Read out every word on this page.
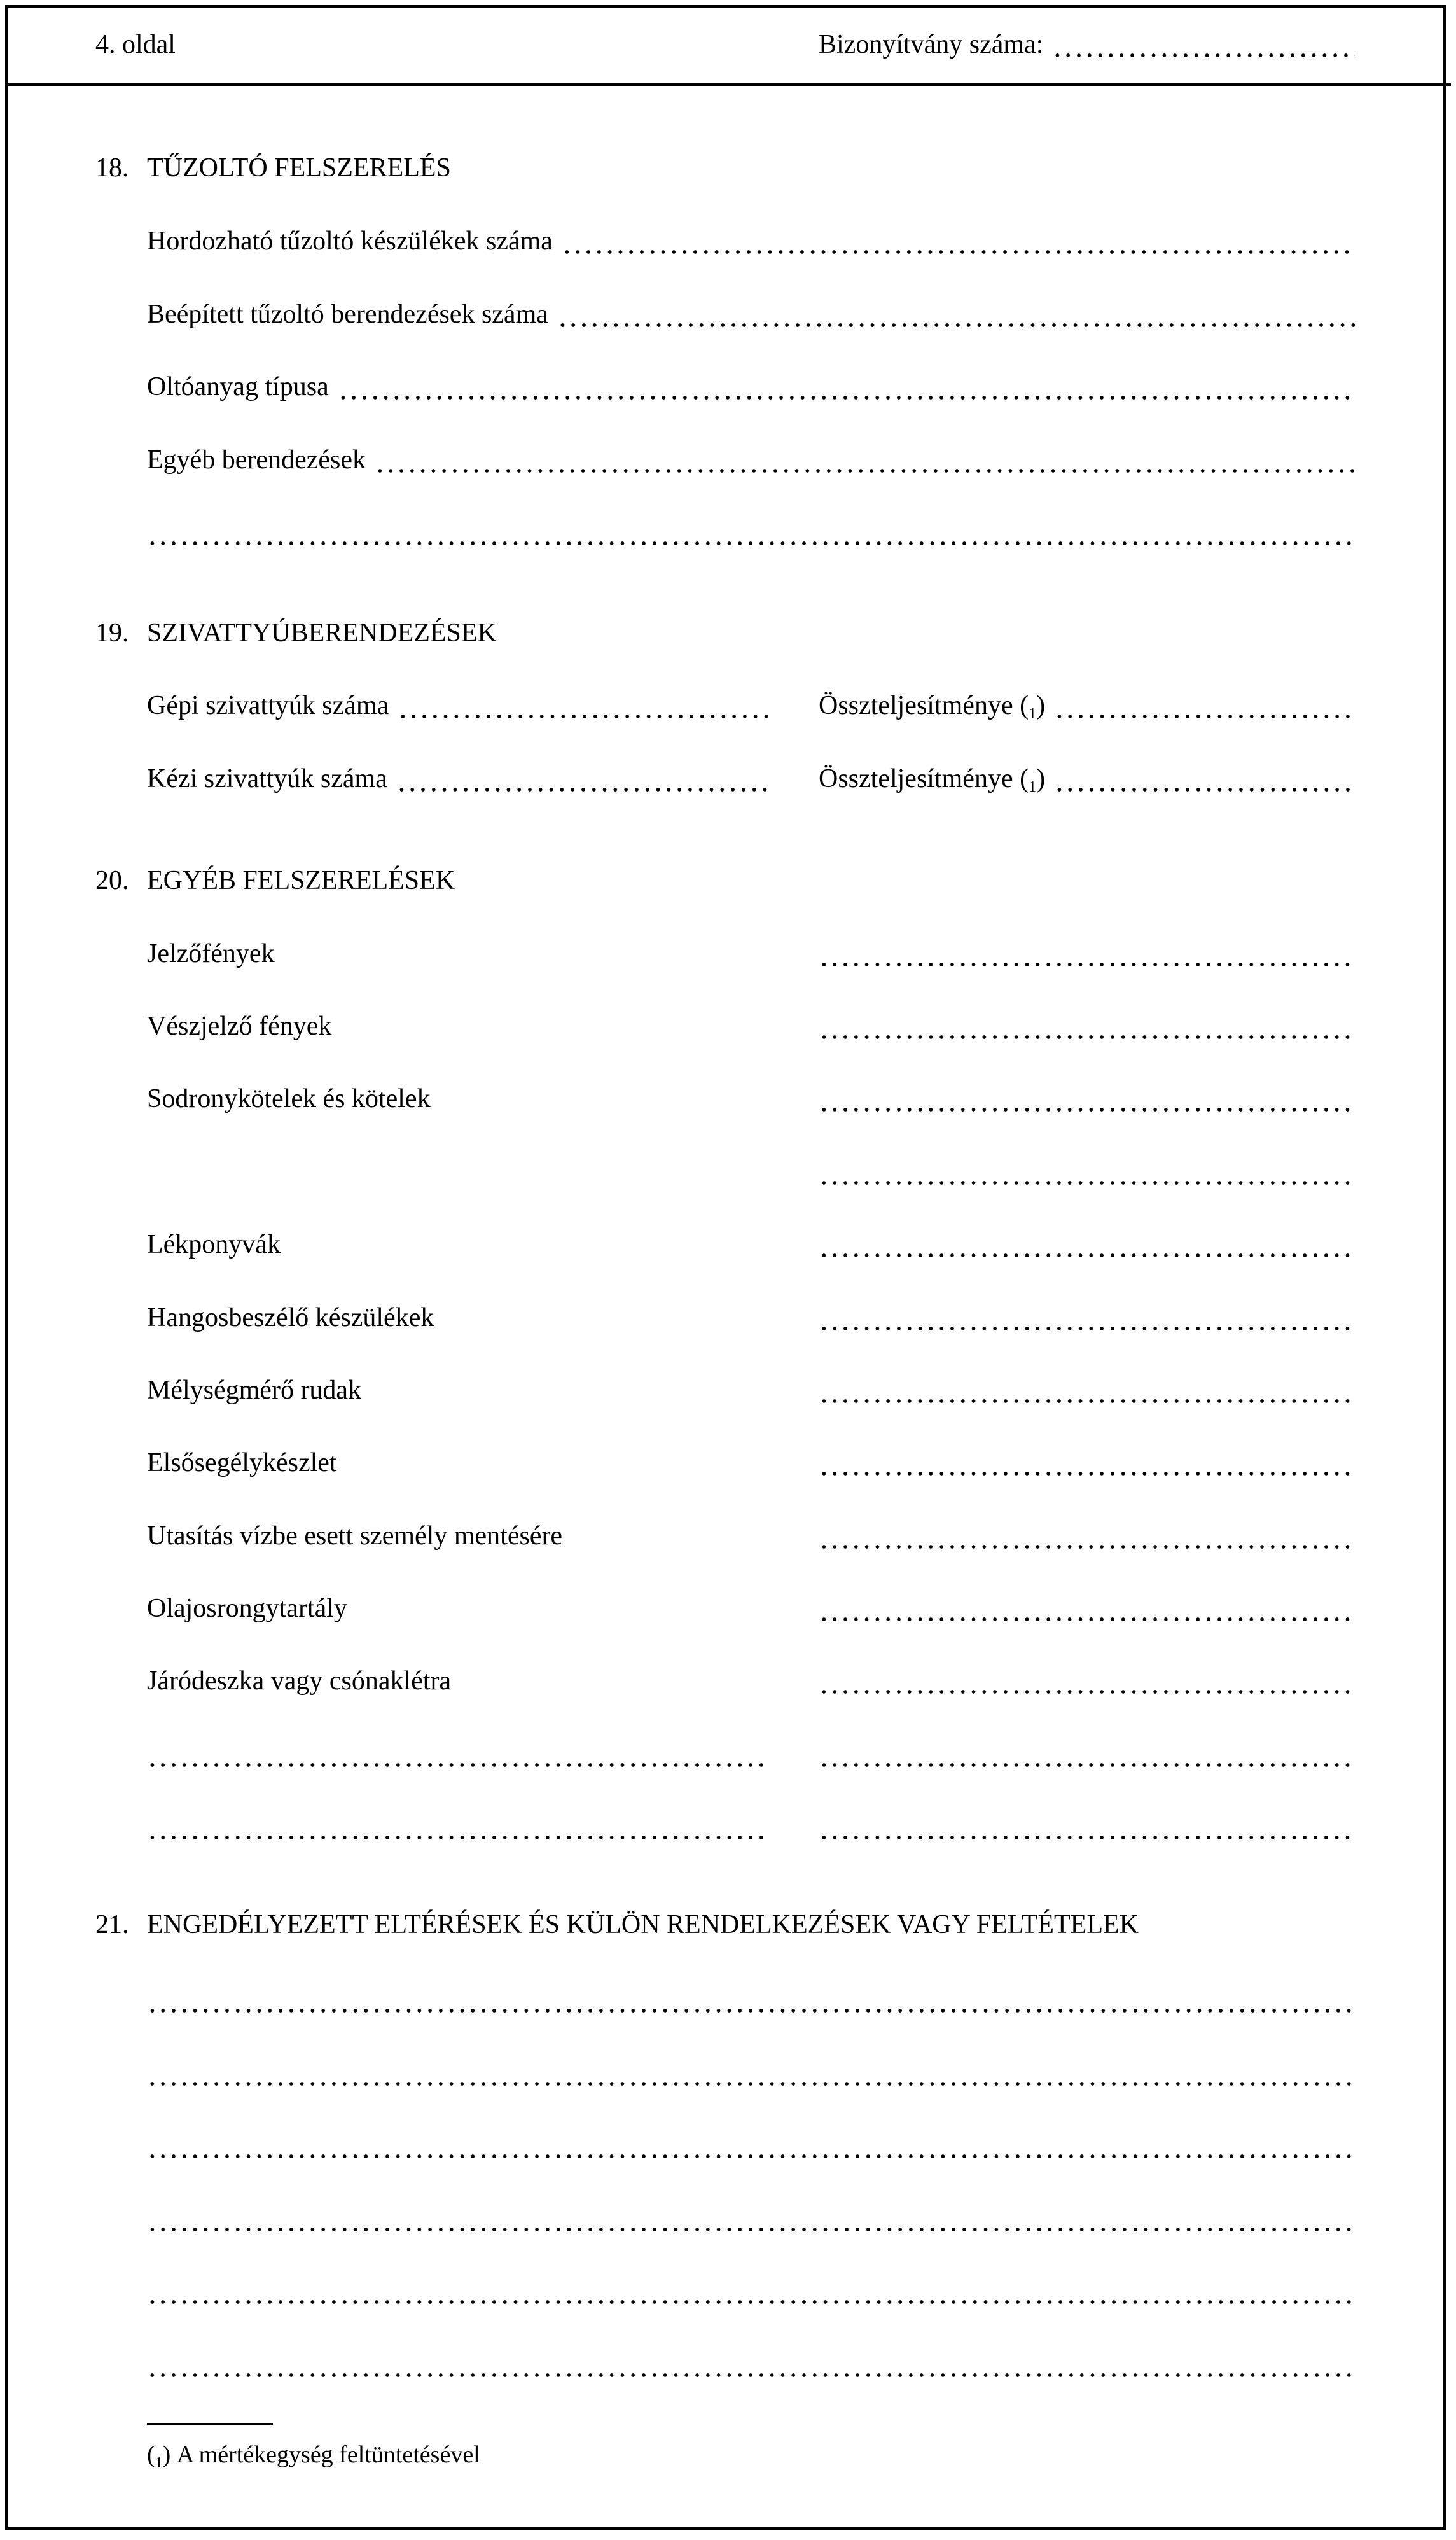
4. oldal	Bizonyítvány száma:
18. TŰZOLTÓ FELSZERELÉS
Hordozható tűzoltó készülékek száma
Beépített tűzoltó berendezések száma
Oltóanyag típusa
Egyéb berendezések
19. SZIVATTYÚBERENDEZÉSEK
Gépi szivattyúk száma	Összteljesítménye ($_1$ )
Kézi szivattyúk száma	Összteljesítménye ($_1$ )
20. EGYÉB FELSZERELÉSEK
Jelzőfények
Vészjelző fények
Sodronykötelek és kötelek
Lékponyvák
Hangosbeszélő készülékek
Mélységmérő rudak
Elsősegélykészlet
Utasítás vízbe esett személy mentésére
Olajosrongytartály
Járódeszka vagy csónaklétra
21. ENGEDÉLYEZETT ELTÉRÉSEK ÉS KÜLÖN RENDELKEZÉSEK VAGY FELTÉTELEK
($_1$ )
A mértékegység feltüntetésével
